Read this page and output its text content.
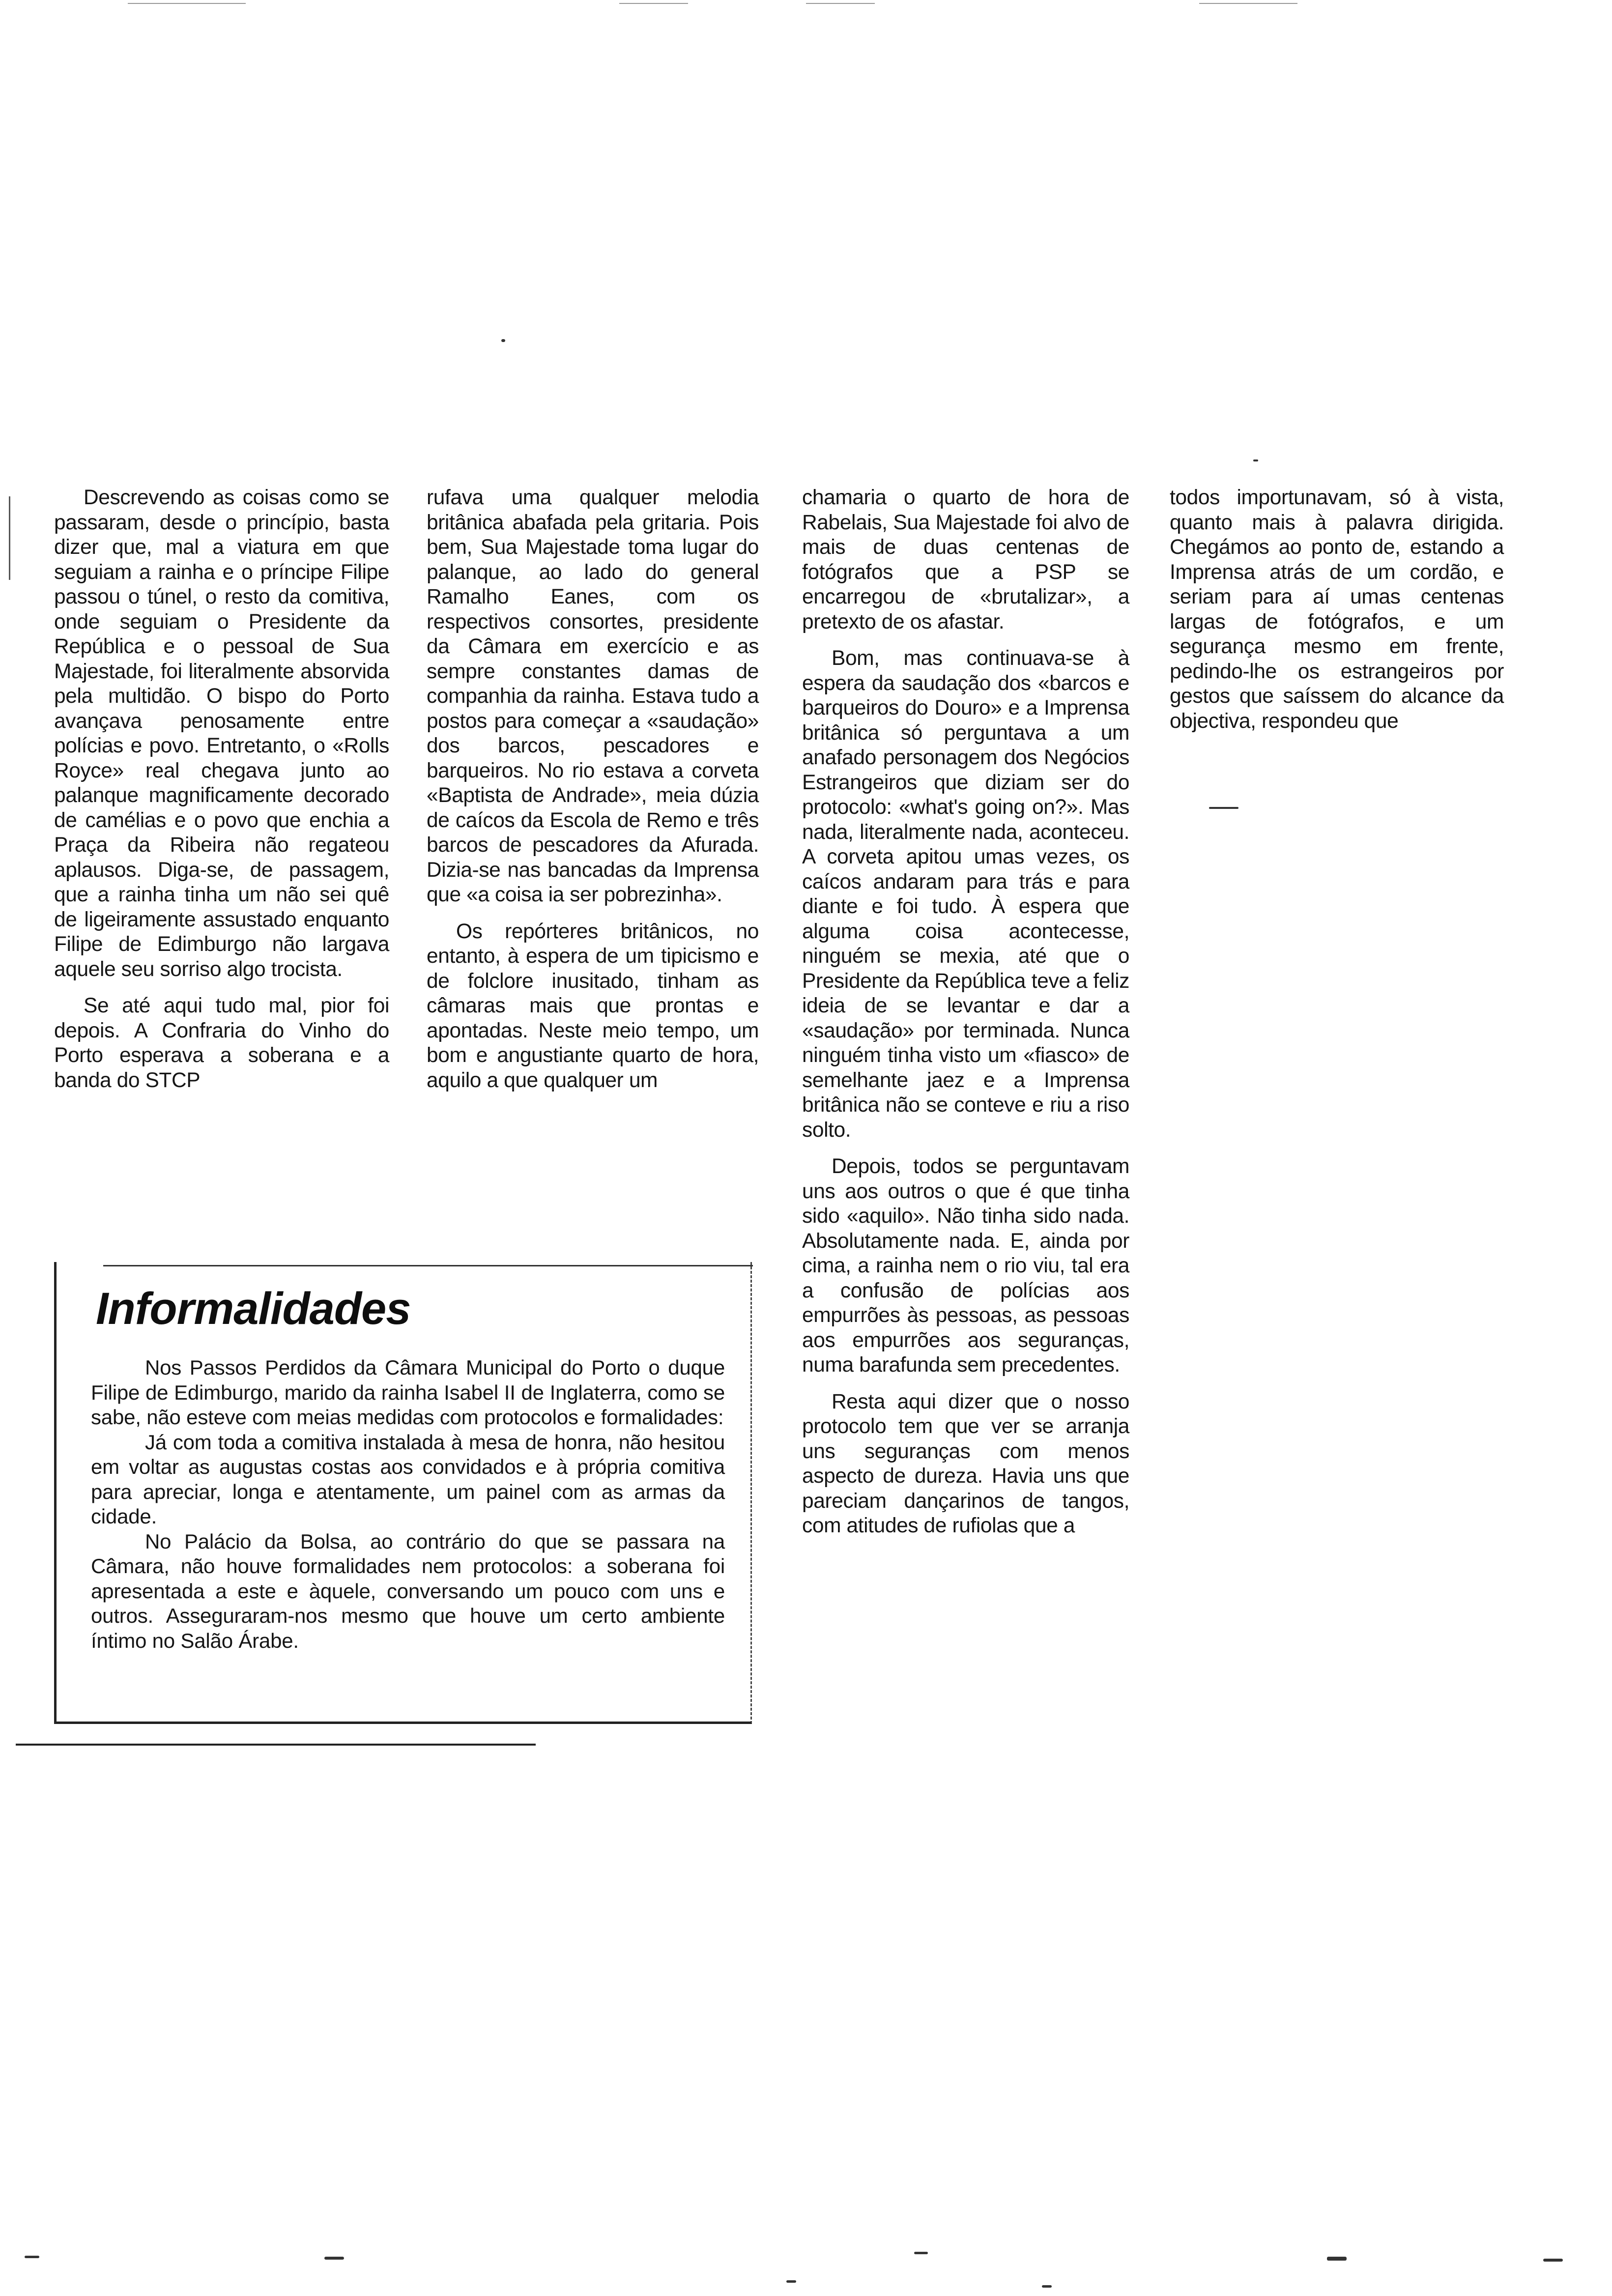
Descrevendo as coisas como se passaram, desde o princípio, basta dizer que, mal a viatura em que seguiam a rainha e o príncipe Filipe passou o túnel, o resto da comitiva, onde seguiam o Presidente da República e o pessoal de Sua Majestade, foi literalmente absorvida pela multidão. O bispo do Porto avançava penosamente entre polícias e povo. Entretanto, o «Rolls Royce» real chegava junto ao palanque magnificamente decorado de camélias e o povo que enchia a Praça da Ribeira não regateou aplausos. Diga-se, de passagem, que a rainha tinha um não sei quê de ligeiramente assustado enquanto Filipe de Edimburgo não largava aquele seu sorriso algo trocista.

Se até aqui tudo mal, pior foi depois. A Confraria do Vinho do Porto esperava a soberana e a banda do STCP

rufava uma qualquer melodia britânica abafada pela gritaria. Pois bem, Sua Majestade toma lugar do palanque, ao lado do general Ramalho Eanes, com os respectivos consortes, presidente da Câmara em exercício e as sempre constantes damas de companhia da rainha. Estava tudo a postos para começar a «saudação» dos barcos, pescadores e barqueiros. No rio estava a corveta «Baptista de Andrade», meia dúzia de caícos da Escola de Remo e três barcos de pescadores da Afurada. Dizia-se nas bancadas da Imprensa que «a coisa ia ser pobrezinha».

Os repórteres britânicos, no entanto, à espera de um tipicismo e de folclore inusitado, tinham as câmaras mais que prontas e apontadas. Neste meio tempo, um bom e angustiante quarto de hora, aquilo a que qualquer um

chamaria o quarto de hora de Rabelais, Sua Majestade foi alvo de mais de duas centenas de fotógrafos que a PSP se encarregou de «brutalizar», a pretexto de os afastar.

Bom, mas continuava-se à espera da saudação dos «barcos e barqueiros do Douro» e a Imprensa britânica só perguntava a um anafado personagem dos Negócios Estrangeiros que diziam ser do protocolo: «what's going on?». Mas nada, literalmente nada, aconteceu. A corveta apitou umas vezes, os caícos andaram para trás e para diante e foi tudo. À espera que alguma coisa acontecesse, ninguém se mexia, até que o Presidente da República teve a feliz ideia de se levantar e dar a «saudação» por terminada. Nunca ninguém tinha visto um «fiasco» de semelhante jaez e a Imprensa britânica não se conteve e riu a riso solto.

Depois, todos se perguntavam uns aos outros o que é que tinha sido «aquilo». Não tinha sido nada. Absolutamente nada. E, ainda por cima, a rainha nem o rio viu, tal era a confusão de polícias aos empurrões às pessoas, as pessoas aos empurrões aos seguranças, numa barafunda sem precedentes.

Resta aqui dizer que o nosso protocolo tem que ver se arranja uns seguranças com menos aspecto de dureza. Havia uns que pareciam dançarinos de tangos, com atitudes de rufiolas que a

todos importunavam, só à vista, quanto mais à palavra dirigida. Chegámos ao ponto de, estando a Imprensa atrás de um cordão, e seriam para aí umas centenas largas de fotógrafos, e um segurança mesmo em frente, pedindo-lhe os estrangeiros por gestos que saíssem do alcance da objectiva, respondeu que

Informalidades

Nos Passos Perdidos da Câmara Municipal do Porto o duque Filipe de Edimburgo, marido da rainha Isabel II de Inglaterra, como se sabe, não esteve com meias medidas com protocolos e formalidades:

Já com toda a comitiva instalada à mesa de honra, não hesitou em voltar as augustas costas aos convidados e à própria comitiva para apreciar, longa e atentamente, um painel com as armas da cidade.

No Palácio da Bolsa, ao contrário do que se passara na Câmara, não houve formalidades nem protocolos: a soberana foi apresentada a este e àquele, conversando um pouco com uns e outros. Asseguraram-nos mesmo que houve um certo ambiente íntimo no Salão Árabe.
